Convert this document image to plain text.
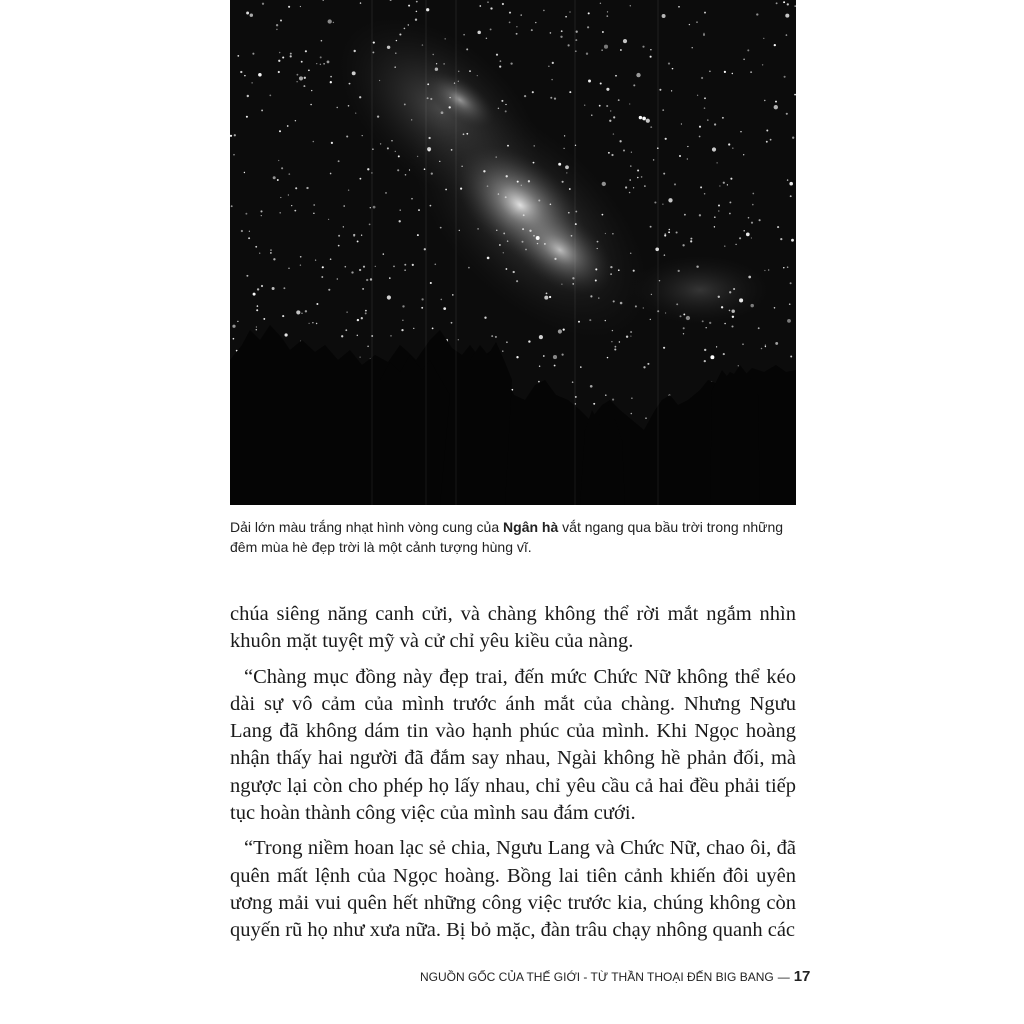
Dải lớn màu trắng nhạt hình vòng cung của Ngân hà vắt ngang qua bầu trời trong những đêm mùa hè đẹp trời là một cảnh tượng hùng vĩ.

chúa siêng năng canh cửi, và chàng không thể rời mắt ngắm nhìn khuôn mặt tuyệt mỹ và cử chỉ yêu kiều của nàng.

“Chàng mục đồng này đẹp trai, đến mức Chức Nữ không thể kéo dài sự vô cảm của mình trước ánh mắt của chàng. Nhưng Ngưu Lang đã không dám tin vào hạnh phúc của mình. Khi Ngọc hoàng nhận thấy hai người đã đắm say nhau, Ngài không hề phản đối, mà ngược lại còn cho phép họ lấy nhau, chỉ yêu cầu cả hai đều phải tiếp tục hoàn thành công việc của mình sau đám cưới.

“Trong niềm hoan lạc sẻ chia, Ngưu Lang và Chức Nữ, chao ôi, đã quên mất lệnh của Ngọc hoàng. Bồng lai tiên cảnh khiến đôi uyên ương mải vui quên hết những công việc trước kia, chúng không còn quyến rũ họ như xưa nữa. Bị bỏ mặc, đàn trâu chạy nhông quanh các

NGUỒN GỐC CỦA THẾ GIỚI - TỪ THẦN THOẠI ĐẾN BIG BANG — 17
